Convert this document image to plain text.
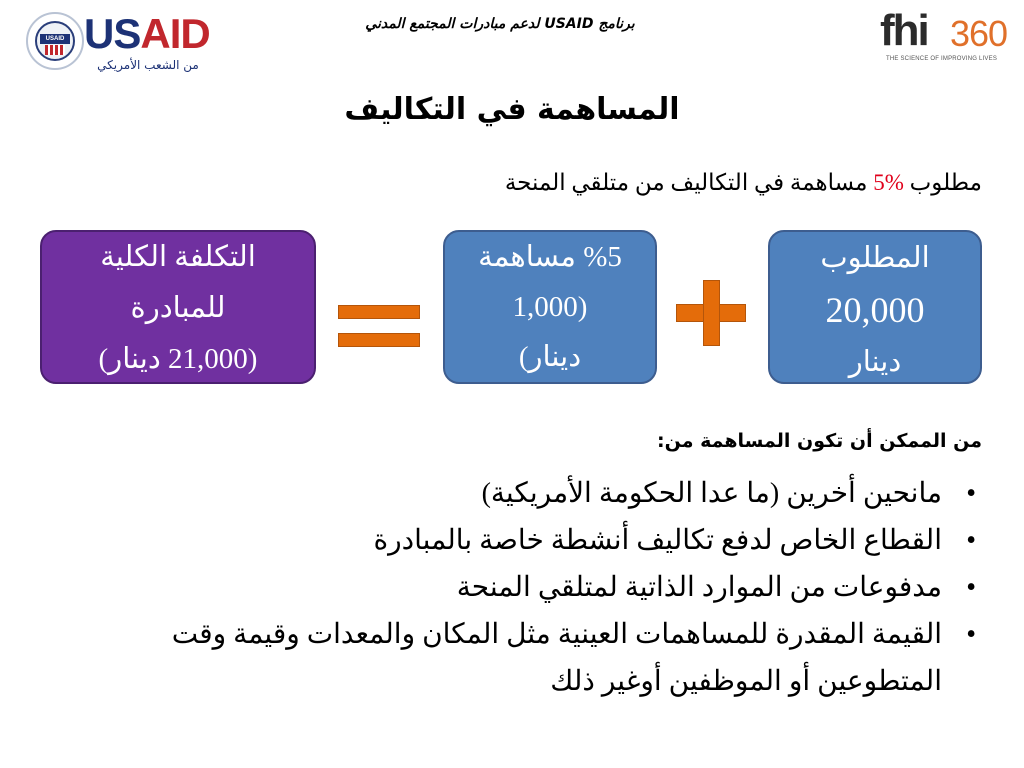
USAID USAID
من الشعب الأمريكي
برنامج USAID لدعم مبادرات المجتمع المدني	fhi 360
THE SCIENCE OF IMPROVING LIVES
المساهمة في التكاليف
مطلوب %5 مساهمة في التكاليف من متلقي المنحة
المطلوب
20,000
دينار
%5 مساهمة
(1,000
دينار)
التكلفة الكلية
للمبادرة
(21,000 دينار)
من الممكن أن تكون المساهمة من:
• مانحين أخرين (ما عدا الحكومة الأمريكية)
• القطاع الخاص لدفع تكاليف أنشطة خاصة بالمبادرة
• مدفوعات من الموارد الذاتية لمتلقي المنحة
• القيمة المقدرة للمساهمات العينية مثل المكان والمعدات وقيمة وقت المتطوعين أو الموظفين أوغير ذلك
